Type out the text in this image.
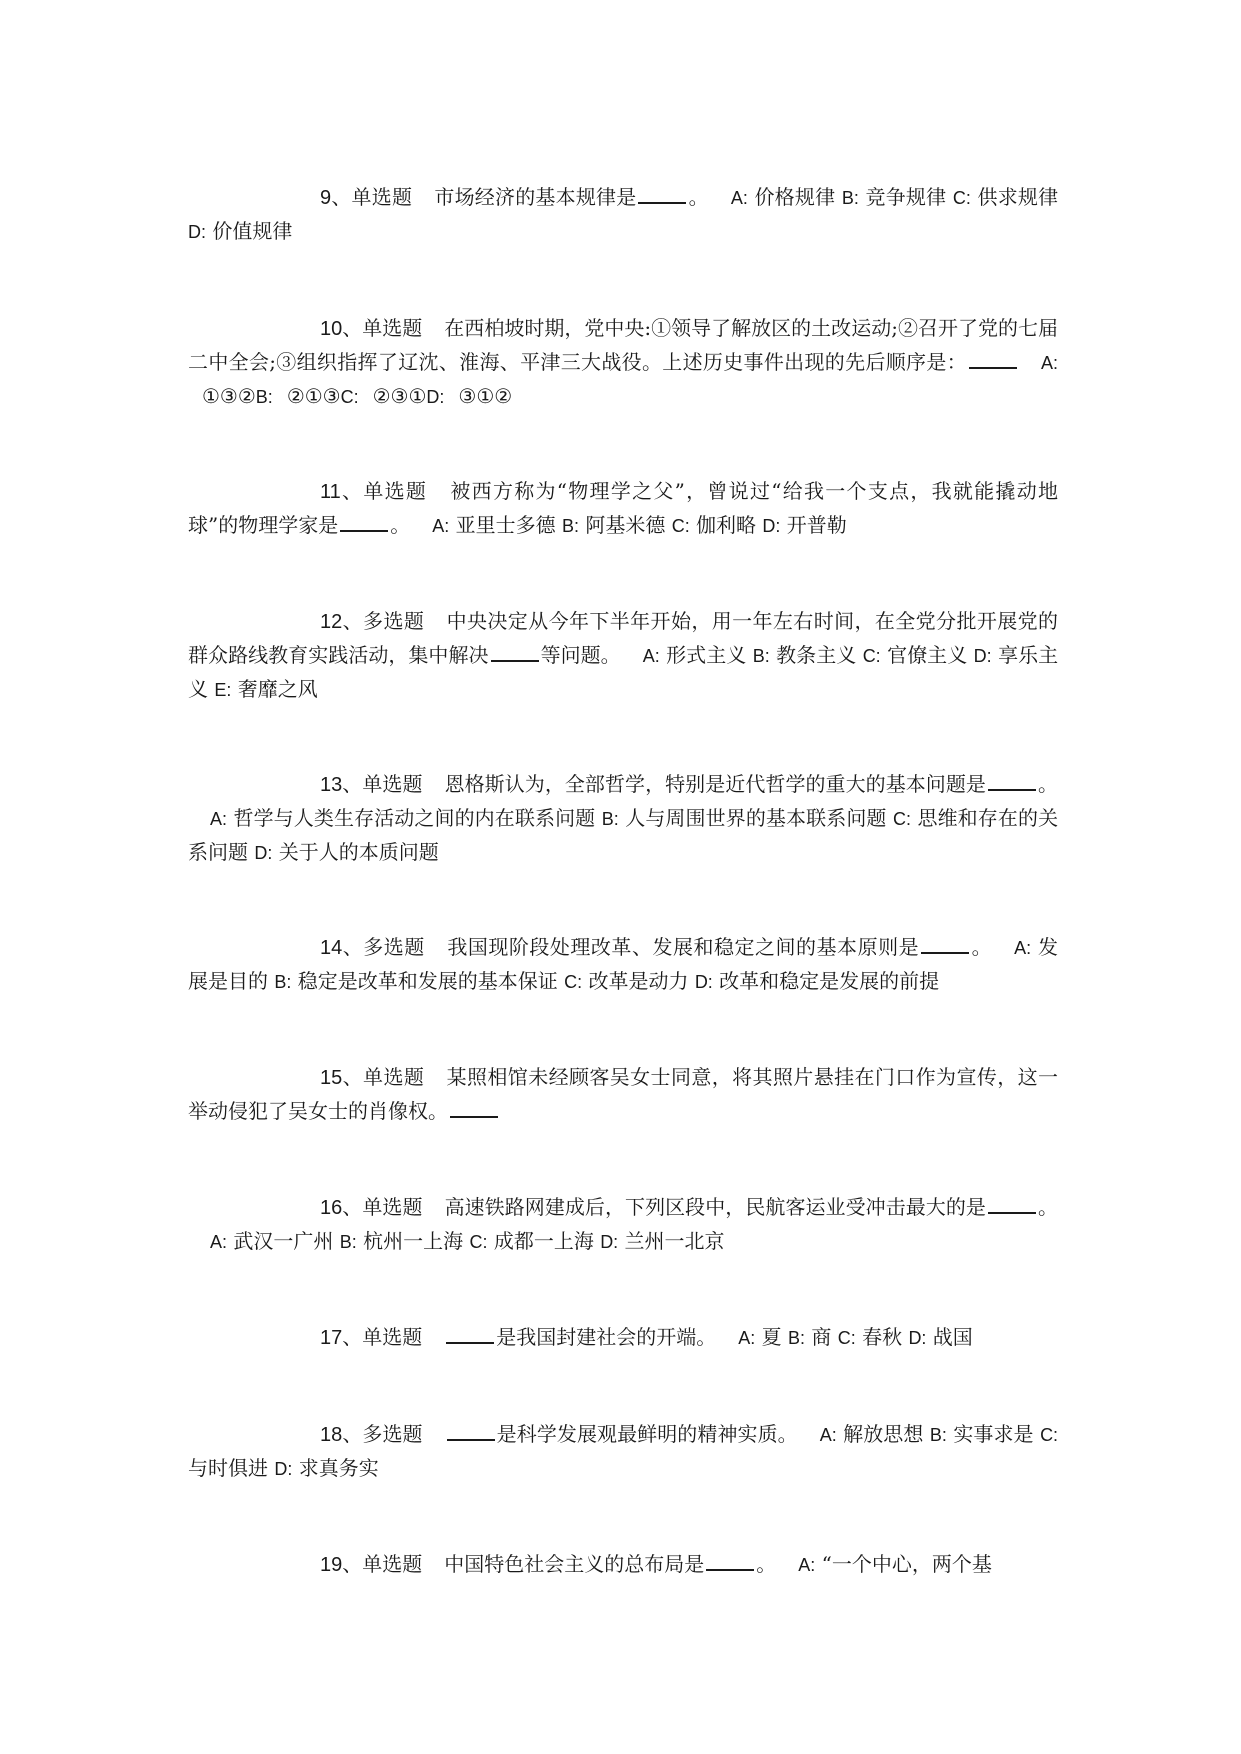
9、单选题 市场经济的基本规律是	。 A: 价格规律 B: 竞争规律 C: 供求规律 D: 价值规律
10、单选题 在西柏坡时期，党中央:①领导了解放区的土改运动;②召开了党的七届二中全会;③组织指挥了辽沈、淮海、平津三大战役。上述历史事件出现的先后顺序是：	A:①③②B: ②①③C: ②③①D: ③①②
11、单选题 被西方称为“物理学之父”，曾说过“给我一个支点，我就能撬动地球”的物理学家是	。 A: 亚里士多德 B: 阿基米德 C: 伽利略 D: 开普勒
12、多选题 中央决定从今年下半年开始，用一年左右时间，在全党分批开展党的群众路线教育实践活动，集中解决	等问题。 A: 形式主义 B: 教条主义 C: 官僚主义 D: 享乐主义 E: 奢靡之风
13、单选题 恩格斯认为，全部哲学，特别是近代哲学的重大的基本问题是	。A: 哲学与人类生存活动之间的内在联系问题 B: 人与周围世界的基本联系问题 C: 思维和存在的关系问题 D: 关于人的本质问题
14、多选题 我国现阶段处理改革、发展和稳定之间的基本原则是	。 A: 发展是目的 B: 稳定是改革和发展的基本保证 C: 改革是动力 D: 改革和稳定是发展的前提
15、单选题 某照相馆未经顾客吴女士同意，将其照片悬挂在门口作为宣传，这一举动侵犯了吴女士的肖像权。
16、单选题 高速铁路网建成后，下列区段中，民航客运业受冲击最大的是	。A: 武汉一广州 B: 杭州一上海 C: 成都一上海 D: 兰州一北京
17、单选题	是我国封建社会的开端。 A: 夏 B: 商 C: 春秋 D: 战国
18、多选题	是科学发展观最鲜明的精神实质。 A: 解放思想 B: 实事求是 C: 与时俱进 D: 求真务实
19、单选题 中国特色社会主义的总布局是	。 A: “一个中心，两个基
